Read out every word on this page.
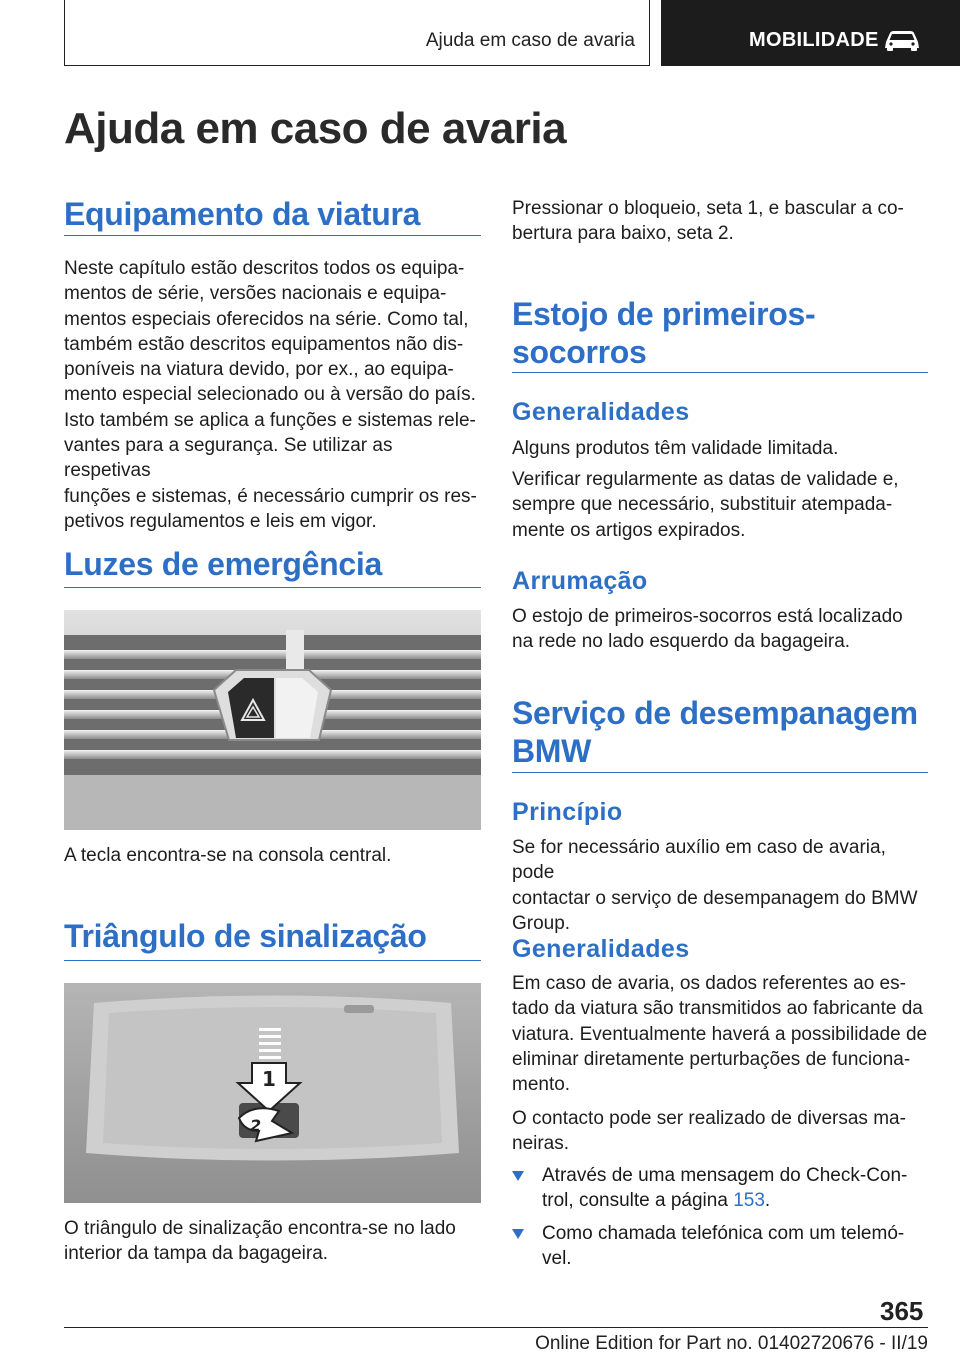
Ajuda em caso de avaria	MOBILIDADE
Ajuda em caso de avaria
Equipamento da viatura
Neste capítulo estão descritos todos os equipa‐
mentos de série, versões nacionais e equipa‐
mentos especiais oferecidos na série. Como tal,
também estão descritos equipamentos não dis‐
poníveis na viatura devido, por ex., ao equipa‐
mento especial selecionado ou à versão do país.
Isto também se aplica a funções e sistemas rele‐
vantes para a segurança. Se utilizar as respetivas
funções e sistemas, é necessário cumprir os res‐
petivos regulamentos e leis em vigor.
Luzes de emergência
A tecla encontra-se na consola central.
Triângulo de sinalização
1
2
O triângulo de sinalização encontra-se no lado
interior da tampa da bagageira.
Pressionar o bloqueio, seta 1, e bascular a co‐
bertura para baixo, seta 2.
Estojo de primeiros-
socorros
Generalidades
Alguns produtos têm validade limitada.
Verificar regularmente as datas de validade e,
sempre que necessário, substituir atempada‐
mente os artigos expirados.
Arrumação
O estojo de primeiros-socorros está localizado
na rede no lado esquerdo da bagageira.
Serviço de desempanagem
BMW
Princípio
Se for necessário auxílio em caso de avaria, pode
contactar o serviço de desempanagem do BMW
Group.
Generalidades
Em caso de avaria, os dados referentes ao es‐
tado da viatura são transmitidos ao fabricante da
viatura. Eventualmente haverá a possibilidade de
eliminar diretamente perturbações de funciona‐
mento.
O contacto pode ser realizado de diversas ma‐
neiras.
Através de uma mensagem do Check-Con‐
trol, consulte a página 153.
Como chamada telefónica com um telemó‐
vel.
365
Online Edition for Part no. 01402720676 - II/19
